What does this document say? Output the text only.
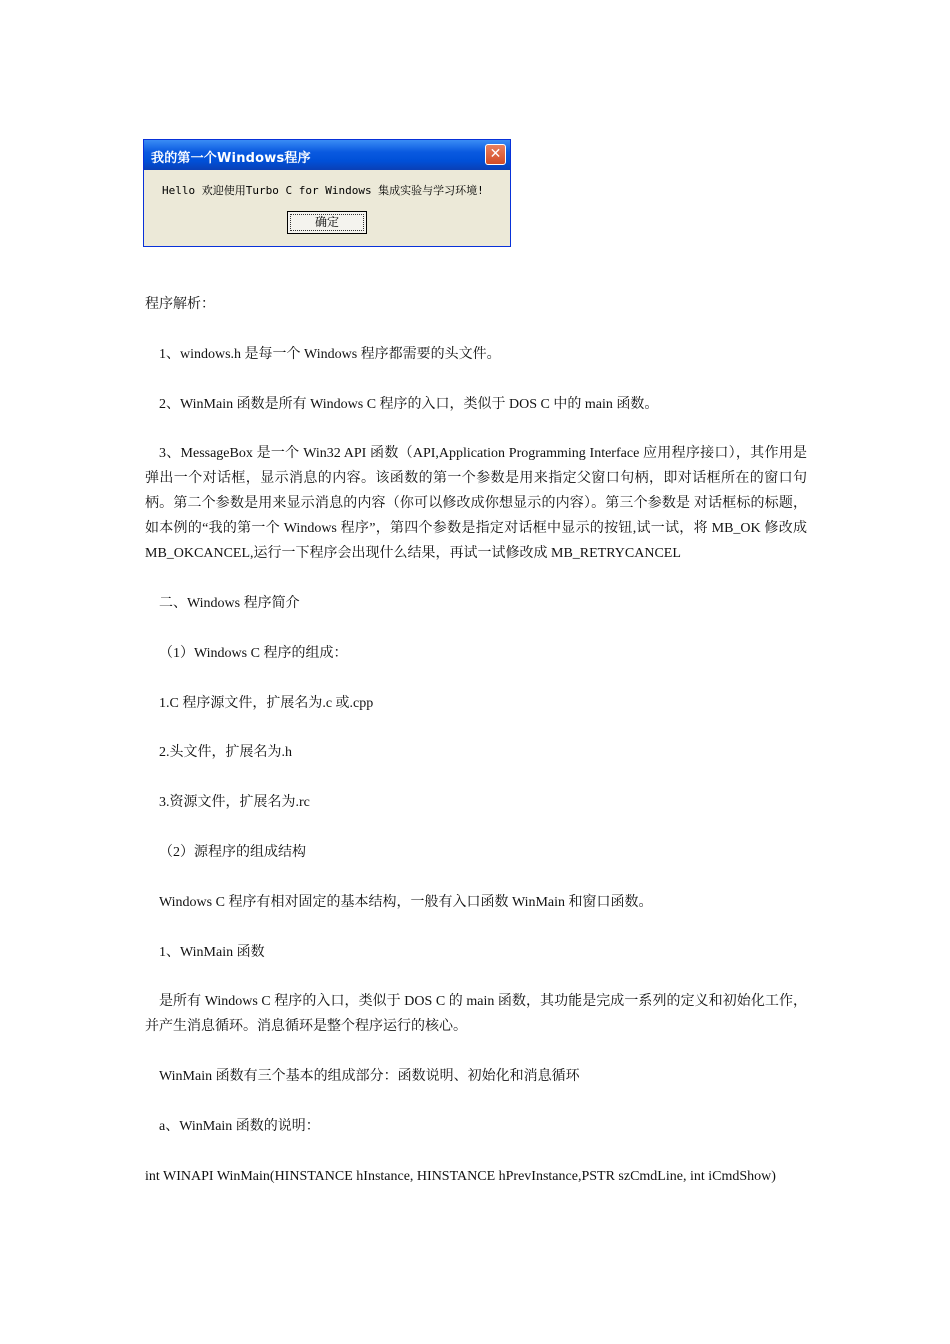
我的第一个Windows程序	✕
Hello 欢迎使用Turbo C for Windows 集成实验与学习环境!
确定

程序解析：

1、windows.h 是每一个 Windows 程序都需要的头文件。

2、WinMain 函数是所有 Windows C 程序的入口，类似于 DOS C 中的 main 函数。

3、MessageBox 是一个 Win32 API 函数（API,Application Programming Interface 应用程序接口），其作用是弹出一个对话框，显示消息的内容。该函数的第一个参数是用来指定父窗口句柄，即对话框所在的窗口句柄。第二个参数是用来显示消息的内容（你可以修改成你想显示的内容）。第三个参数是 对话框标的标题，如本例的“我的第一个 Windows 程序”，第四个参数是指定对话框中显示的按钮,试一试，将 MB_OK 修改成 MB_OKCANCEL,运行一下程序会出现什么结果，再试一试修改成 MB_RETRYCANCEL

二、Windows 程序简介

（1）Windows C 程序的组成：

1.C 程序源文件，扩展名为.c 或.cpp

2.头文件，扩展名为.h

3.资源文件，扩展名为.rc

（2）源程序的组成结构

Windows C 程序有相对固定的基本结构，一般有入口函数 WinMain 和窗口函数。

1、WinMain 函数

是所有 Windows C 程序的入口，类似于 DOS C 的 main 函数，其功能是完成一系列的定义和初始化工作，并产生消息循环。消息循环是整个程序运行的核心。

WinMain 函数有三个基本的组成部分：函数说明、初始化和消息循环

a、WinMain 函数的说明：

int WINAPI WinMain(HINSTANCE hInstance, HINSTANCE hPrevInstance,PSTR szCmdLine, int iCmdShow)
